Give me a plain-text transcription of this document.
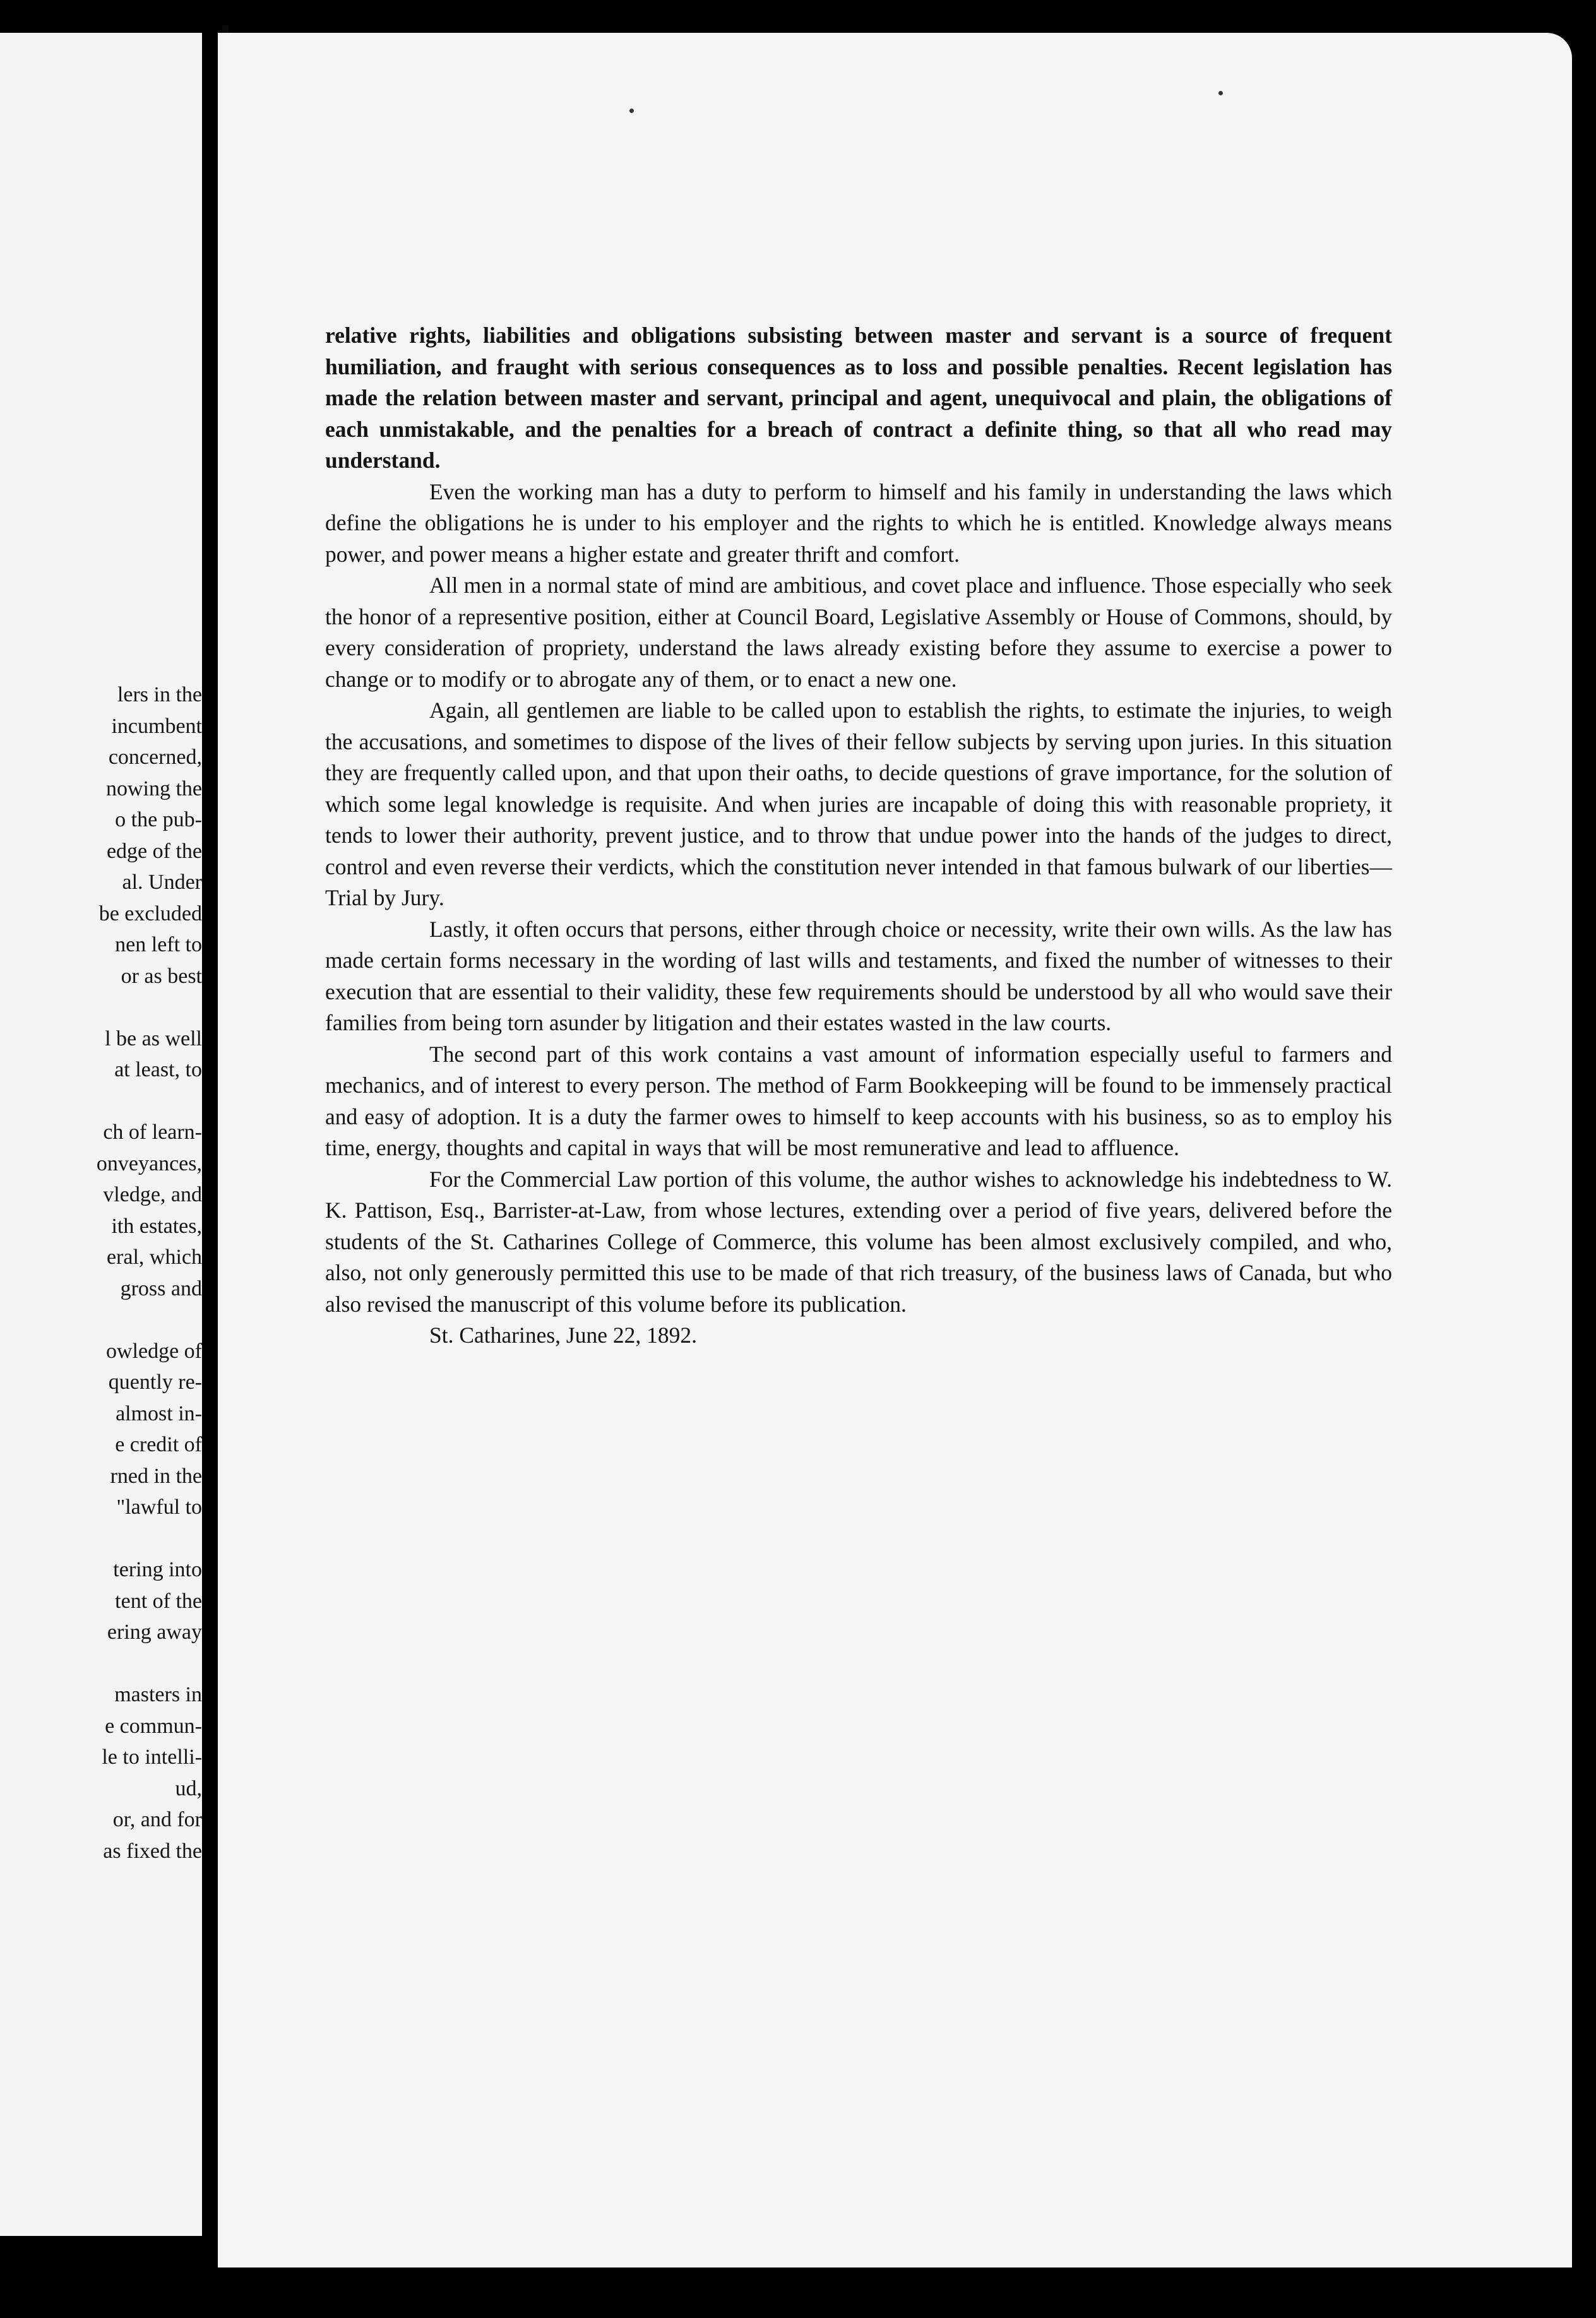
lers in the
incumbent
concerned,
nowing the
o the pub-
edge of the
al. Under
be excluded
nen left to
or as best
l be as well
at least, to
ch of learn-
onveyances,
vledge, and
ith estates,
eral, which
gross and
owledge of
quently re-
almost in-
e credit of
rned in the
"lawful to
tering into
tent of the
ering away
masters in
e commun-
le to intelli-
ud,
or, and for
as fixed the

relative rights, liabilities and obligations subsisting between master and servant is a source of frequent humiliation, and fraught with serious consequences as to loss and possible penalties. Recent legislation has made the relation between master and servant, principal and agent, unequivocal and plain, the obligations of each unmistakable, and the penalties for a breach of contract a definite thing, so that all who read may understand.

Even the working man has a duty to perform to himself and his family in understanding the laws which define the obligations he is under to his employer and the rights to which he is entitled. Knowledge always means power, and power means a higher estate and greater thrift and comfort.

All men in a normal state of mind are ambitious, and covet place and influence. Those especially who seek the honor of a representive position, either at Council Board, Legislative Assembly or House of Commons, should, by every consideration of propriety, understand the laws already existing before they assume to exercise a power to change or to modify or to abrogate any of them, or to enact a new one.

Again, all gentlemen are liable to be called upon to establish the rights, to estimate the injuries, to weigh the accusations, and sometimes to dispose of the lives of their fellow subjects by serving upon juries. In this situation they are frequently called upon, and that upon their oaths, to decide questions of grave importance, for the solution of which some legal knowledge is requisite. And when juries are incapable of doing this with reasonable propriety, it tends to lower their authority, prevent justice, and to throw that undue power into the hands of the judges to direct, control and even reverse their verdicts, which the constitution never intended in that famous bulwark of our liberties—Trial by Jury.

Lastly, it often occurs that persons, either through choice or necessity, write their own wills. As the law has made certain forms necessary in the wording of last wills and testaments, and fixed the number of witnesses to their execution that are essential to their validity, these few requirements should be understood by all who would save their families from being torn asunder by litigation and their estates wasted in the law courts.

The second part of this work contains a vast amount of information especially useful to farmers and mechanics, and of interest to every person. The method of Farm Bookkeeping will be found to be immensely practical and easy of adoption. It is a duty the farmer owes to himself to keep accounts with his business, so as to employ his time, energy, thoughts and capital in ways that will be most remunerative and lead to affluence.

For the Commercial Law portion of this volume, the author wishes to acknowledge his indebtedness to W. K. Pattison, Esq., Barrister-at-Law, from whose lectures, extending over a period of five years, delivered before the students of the St. Catharines College of Commerce, this volume has been almost exclusively compiled, and who, also, not only generously permitted this use to be made of that rich treasury, of the business laws of Canada, but who also revised the manuscript of this volume before its publication.

St. Catharines, June 22, 1892.
